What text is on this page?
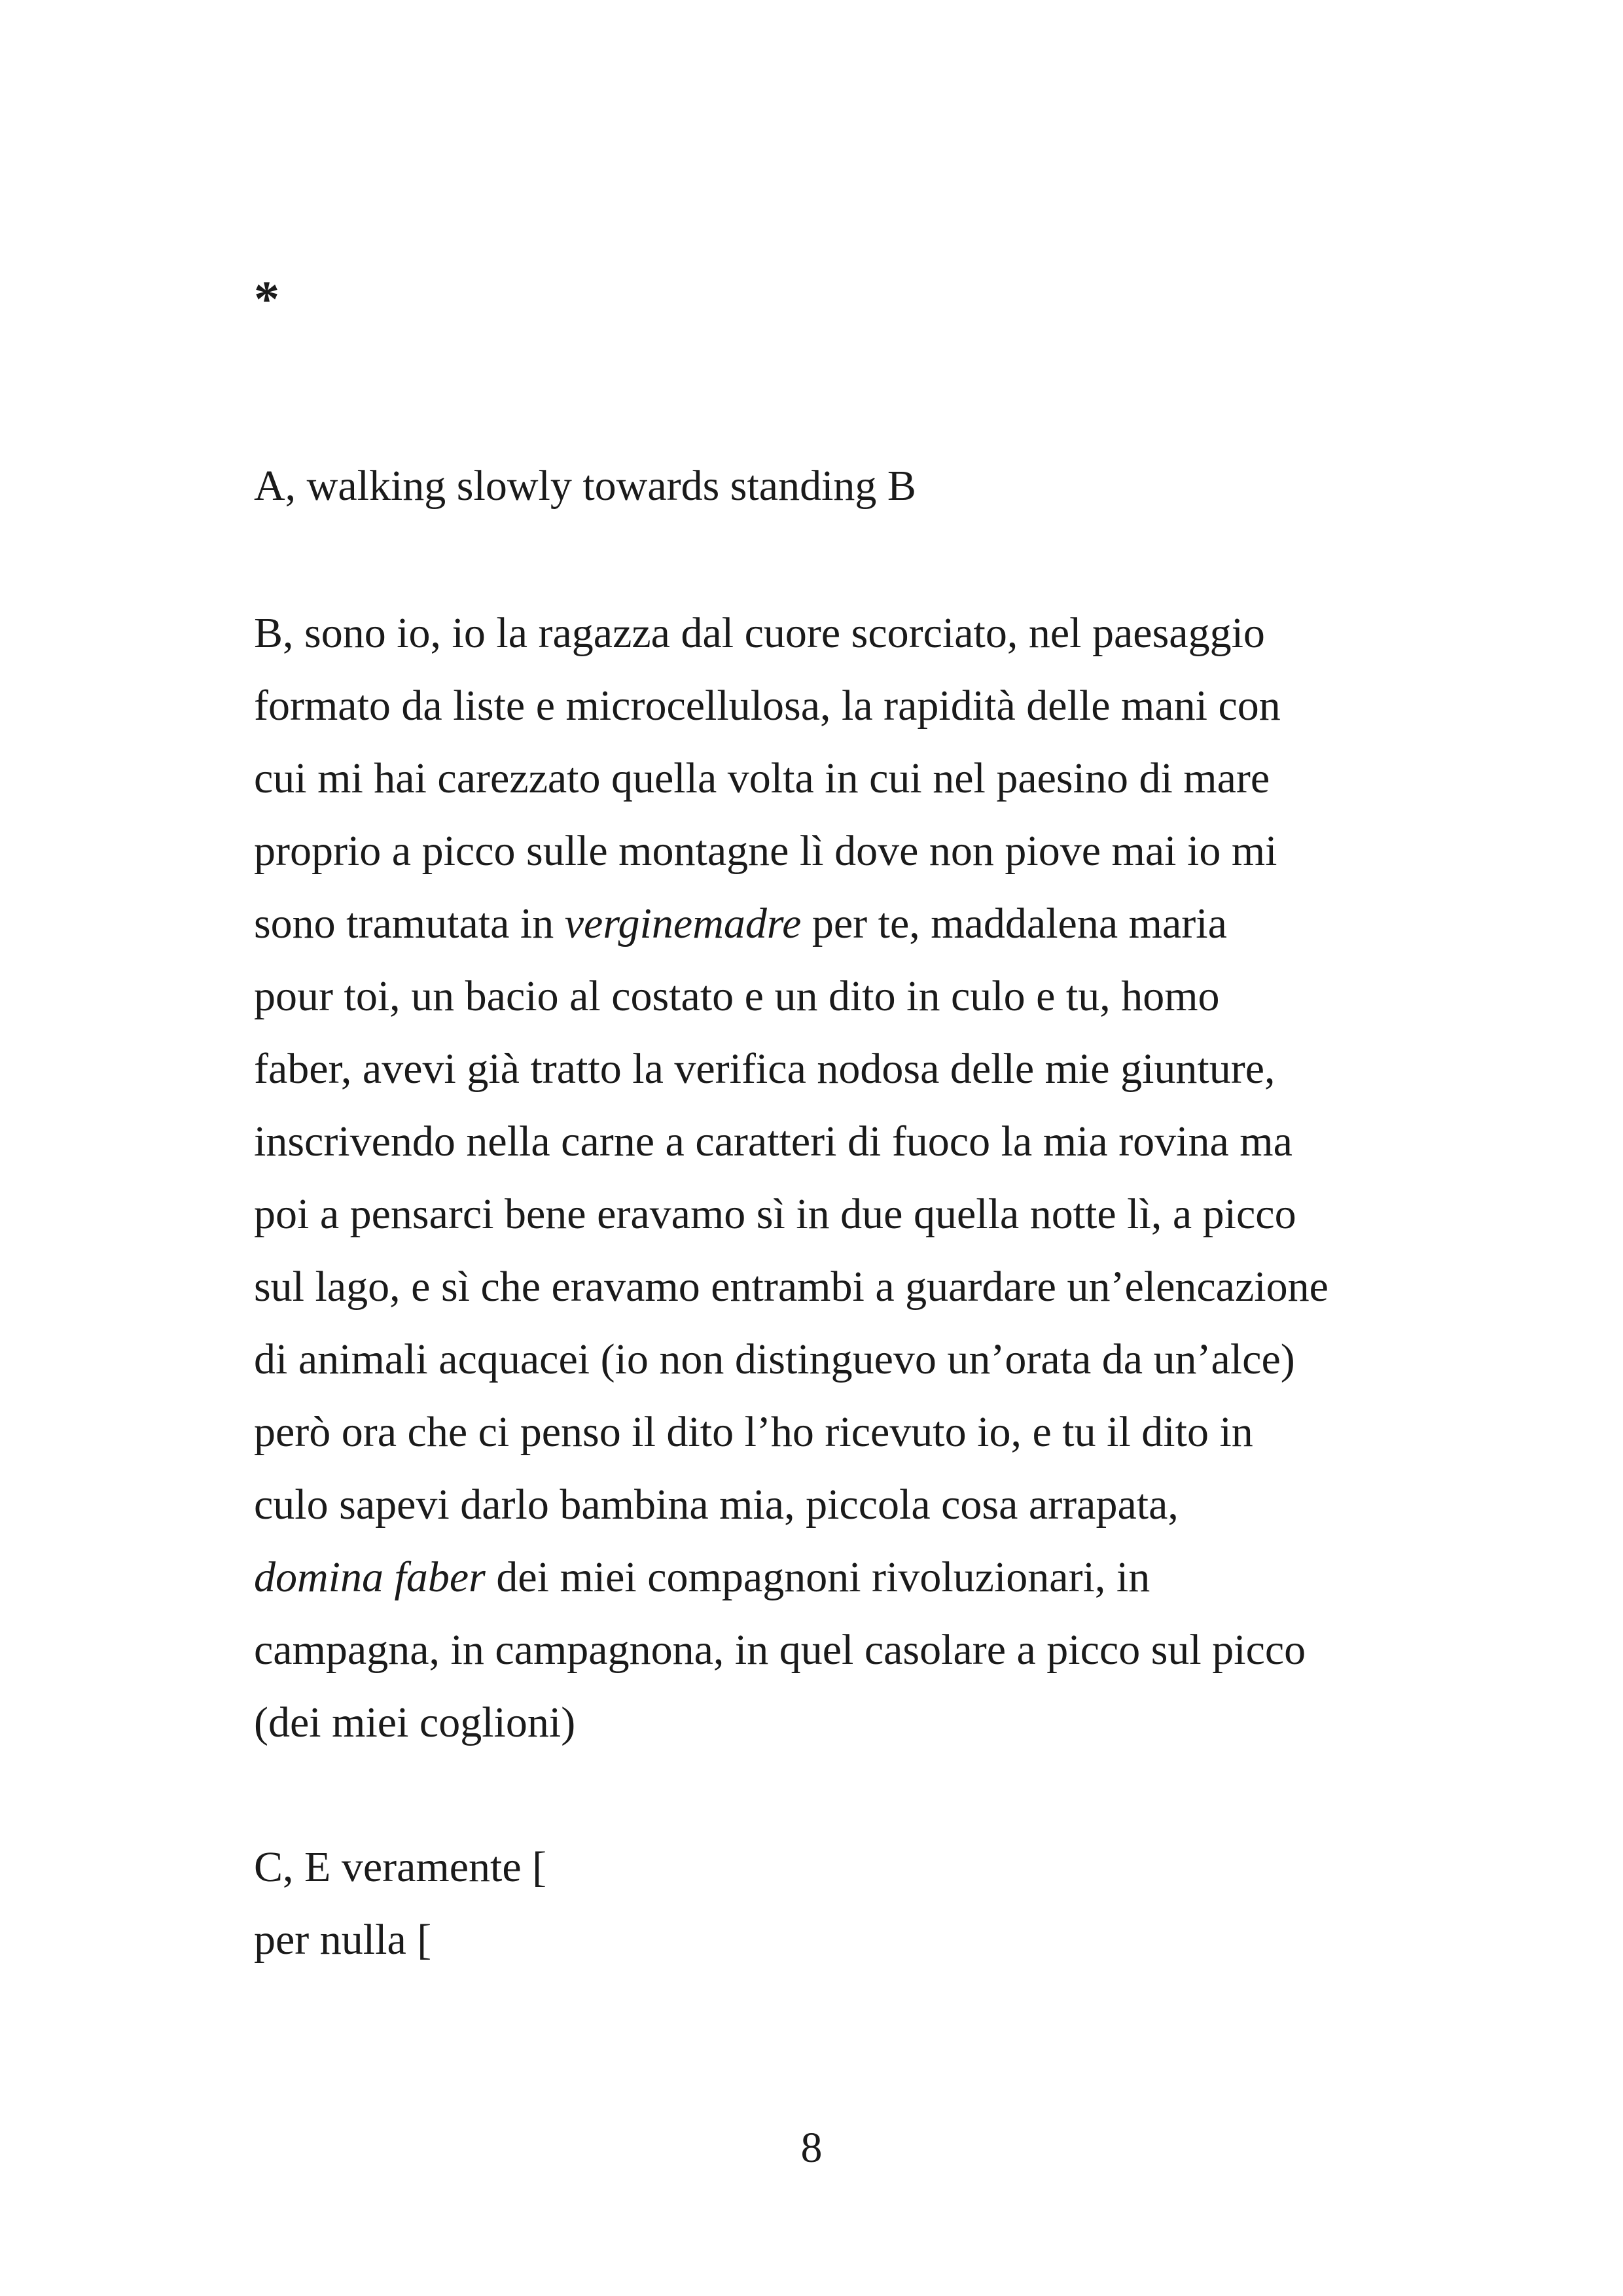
*
A, walking slowly towards standing B
B, sono io, io la ragazza dal cuore scorciato, nel paesaggio
formato da liste e microcellulosa, la rapidità delle mani con
cui mi hai carezzato quella volta in cui nel paesino di mare
proprio a picco sulle montagne lì dove non piove mai io mi
sono tramutata in verginemadre per te, maddalena maria
pour toi, un bacio al costato e un dito in culo e tu, homo
faber, avevi già tratto la verifica nodosa delle mie giunture,
inscrivendo nella carne a caratteri di fuoco la mia rovina ma
poi a pensarci bene eravamo sì in due quella notte lì, a picco
sul lago, e sì che eravamo entrambi a guardare un’elencazione
di animali acquacei (io non distinguevo un’orata da un’alce)
però ora che ci penso il dito l’ho ricevuto io, e tu il dito in
culo sapevi darlo bambina mia, piccola cosa arrapata,
domina faber dei miei compagnoni rivoluzionari, in
campagna, in campagnona, in quel casolare a picco sul picco
(dei miei coglioni)
C, E veramente [
per nulla [
8
